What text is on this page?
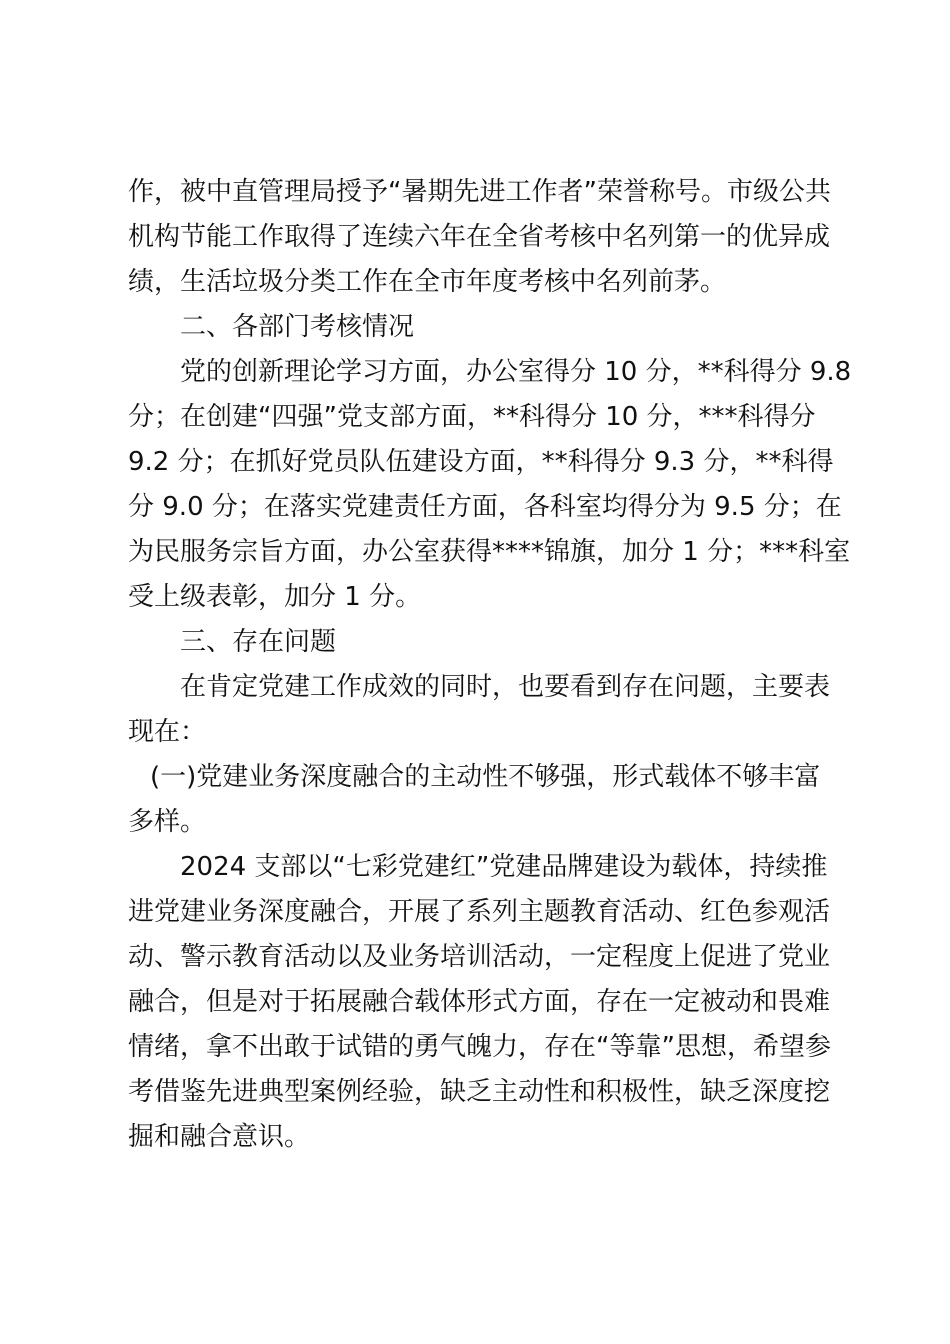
作，被中直管理局授予“暑期先进工作者”荣誉称号。市级公共
机构节能工作取得了连续六年在全省考核中名列第一的优异成
绩，生活垃圾分类工作在全市年度考核中名列前茅。
二、各部门考核情况
党的创新理论学习方面，办公室得分 10 分，**科得分 9.8
分；在创建“四强”党支部方面，**科得分 10 分，***科得分
9.2 分；在抓好党员队伍建设方面，**科得分 9.3 分，**科得
分 9.0 分；在落实党建责任方面，各科室均得分为 9.5 分；在
为民服务宗旨方面，办公室获得****锦旗，加分 1 分；***科室
受上级表彰，加分 1 分。
三、存在问题
在肯定党建工作成效的同时，也要看到存在问题，主要表
现在：
(一)党建业务深度融合的主动性不够强，形式载体不够丰富
多样。
2024 支部以“七彩党建红”党建品牌建设为载体，持续推
进党建业务深度融合，开展了系列主题教育活动、红色参观活
动、警示教育活动以及业务培训活动，一定程度上促进了党业
融合，但是对于拓展融合载体形式方面，存在一定被动和畏难
情绪，拿不出敢于试错的勇气魄力，存在“等靠”思想，希望参
考借鉴先进典型案例经验，缺乏主动性和积极性，缺乏深度挖
掘和融合意识。
